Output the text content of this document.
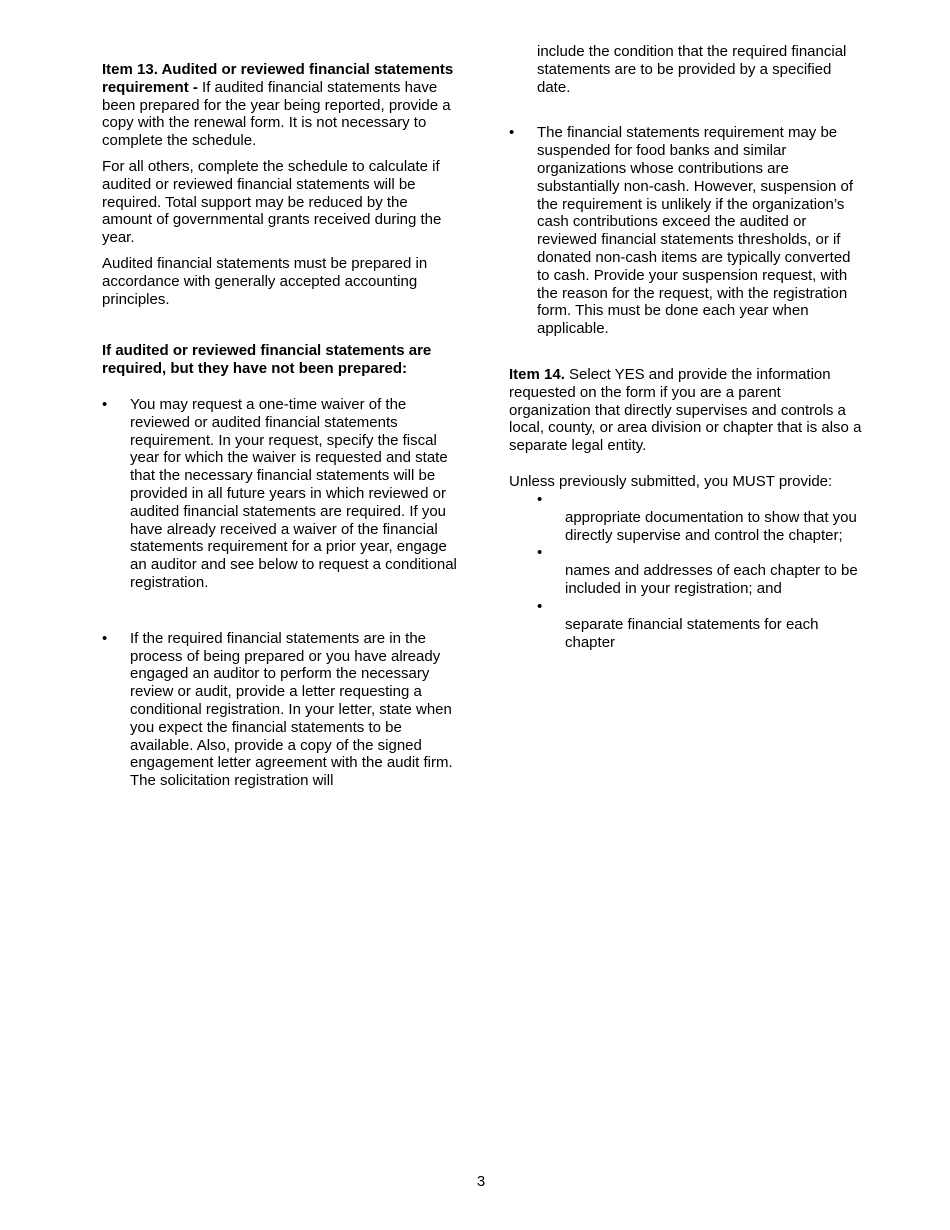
Item 13. Audited or reviewed financial statements requirement - If audited financial statements have been prepared for the year being reported, provide a copy with the renewal form. It is not necessary to complete the schedule.

For all others, complete the schedule to calculate if audited or reviewed financial statements will be required. Total support may be reduced by the amount of governmental grants received during the year.

Audited financial statements must be prepared in accordance with generally accepted accounting principles.

If audited or reviewed financial statements are required, but they have not been prepared:

• You may request a one-time waiver of the reviewed or audited financial statements requirement. In your request, specify the fiscal year for which the waiver is requested and state that the necessary financial statements will be provided in all future years in which reviewed or audited financial statements are required. If you have already received a waiver of the financial statements requirement for a prior year, engage an auditor and see below to request a conditional registration.

• If the required financial statements are in the process of being prepared or you have already engaged an auditor to perform the necessary review or audit, provide a letter requesting a conditional registration. In your letter, state when you expect the financial statements to be available. Also, provide a copy of the signed engagement letter agreement with the audit firm. The solicitation registration will

include the condition that the required financial statements are to be provided by a specified date.

• The financial statements requirement may be suspended for food banks and similar organizations whose contributions are substantially non-cash. However, suspension of the requirement is unlikely if the organization’s cash contributions exceed the audited or reviewed financial statements thresholds, or if donated non-cash items are typically converted to cash. Provide your suspension request, with the reason for the request, with the registration form. This must be done each year when applicable.

Item 14. Select YES and provide the information requested on the form if you are a parent organization that directly supervises and controls a local, county, or area division or chapter that is also a separate legal entity.

Unless previously submitted, you MUST provide:

•

appropriate documentation to show that you directly supervise and control the chapter;

•

names and addresses of each chapter to be included in your registration; and

•

separate financial statements for each chapter

3
